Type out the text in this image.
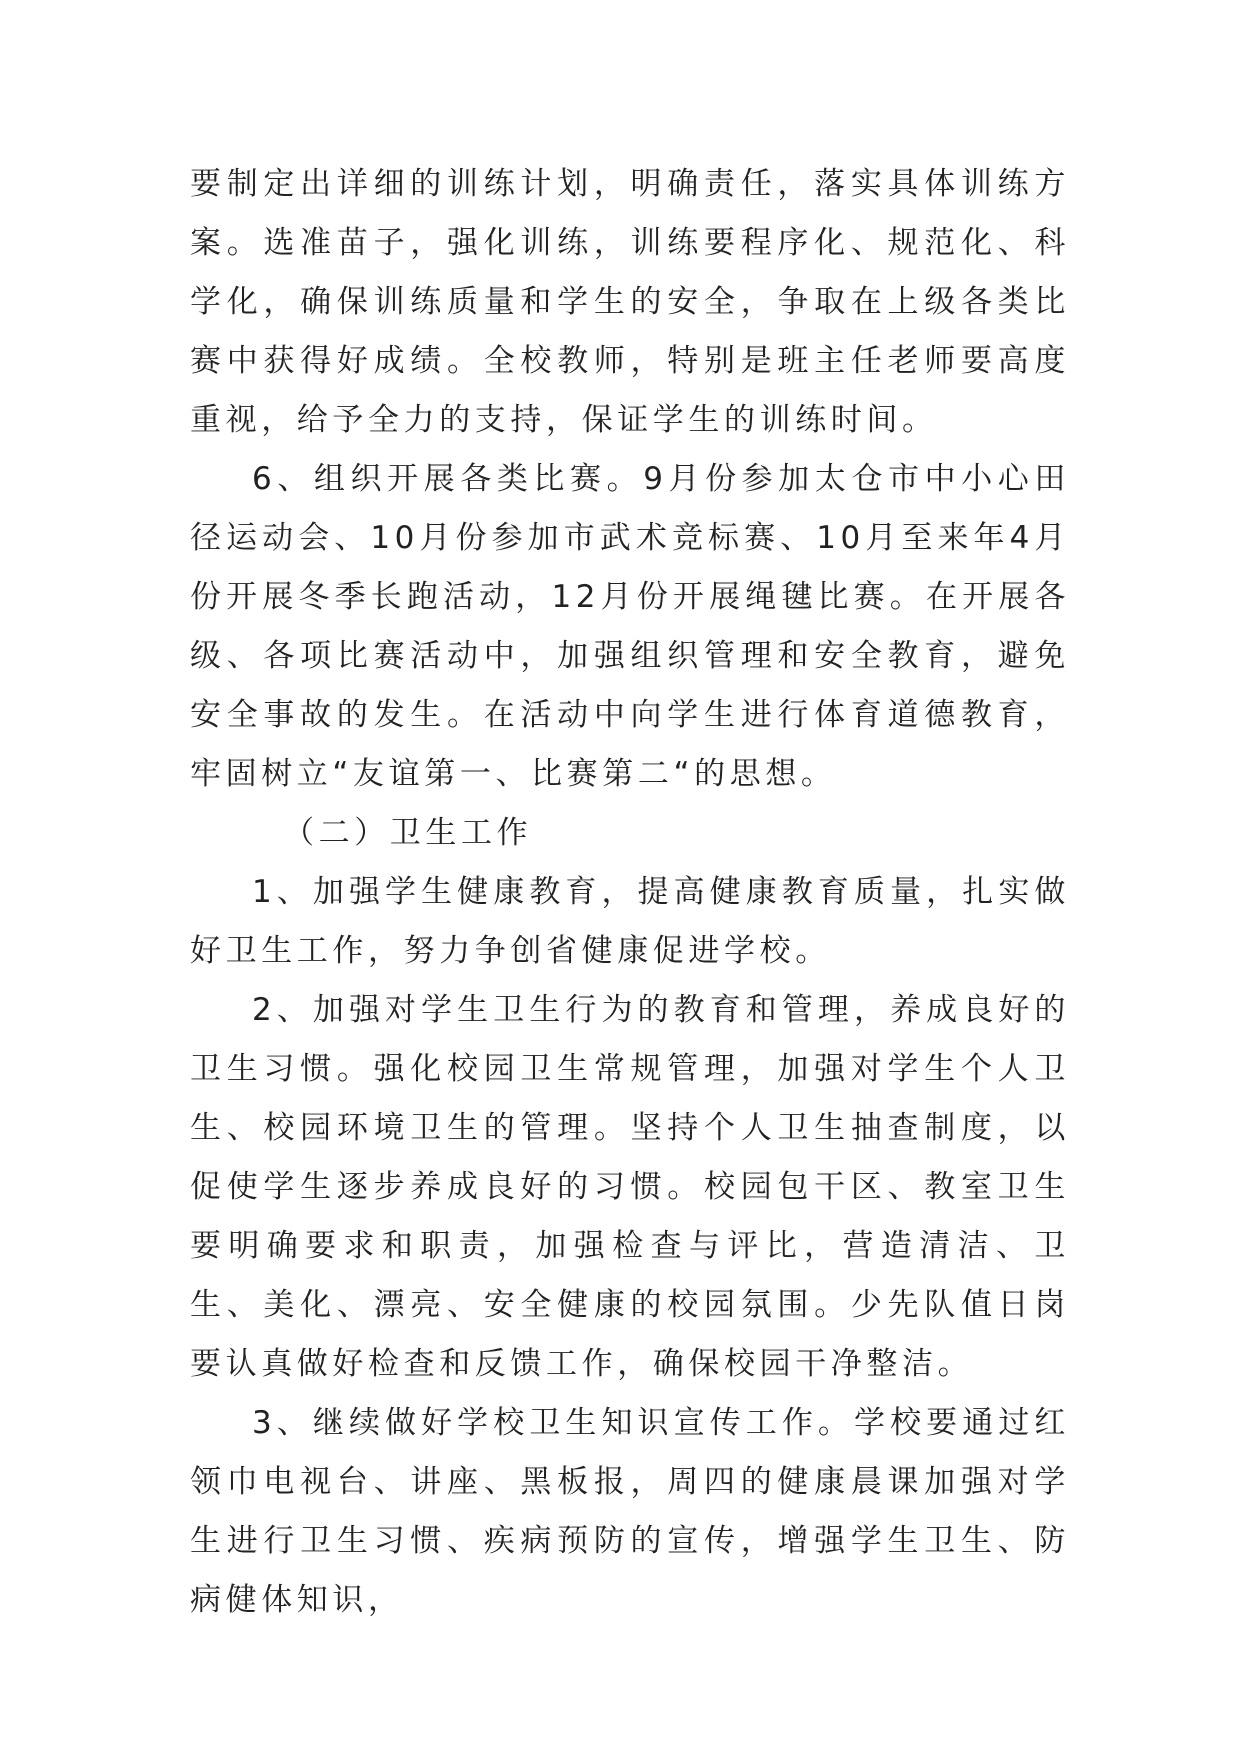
要制定出详细的训练计划，明确责任，落实具体训练方案。选准苗子，强化训练，训练要程序化、规范化、科学化，确保训练质量和学生的安全，争取在上级各类比赛中获得好成绩。全校教师，特别是班主任老师要高度重视，给予全力的支持，保证学生的训练时间。

6、组织开展各类比赛。9月份参加太仓市中小心田径运动会、10月份参加市武术竞标赛、10月至来年4月份开展冬季长跑活动，12月份开展绳毽比赛。在开展各级、各项比赛活动中，加强组织管理和安全教育，避免安全事故的发生。在活动中向学生进行体育道德教育，牢固树立“友谊第一、比赛第二“的思想。

（二）卫生工作

1、加强学生健康教育，提高健康教育质量，扎实做好卫生工作，努力争创省健康促进学校。

2、加强对学生卫生行为的教育和管理，养成良好的卫生习惯。强化校园卫生常规管理，加强对学生个人卫生、校园环境卫生的管理。坚持个人卫生抽查制度，以促使学生逐步养成良好的习惯。校园包干区、教室卫生要明确要求和职责，加强检查与评比，营造清洁、卫生、美化、漂亮、安全健康的校园氛围。少先队值日岗要认真做好检查和反馈工作，确保校园干净整洁。

3、继续做好学校卫生知识宣传工作。学校要通过红领巾电视台、讲座、黑板报，周四的健康晨课加强对学生进行卫生习惯、疾病预防的宣传，增强学生卫生、防病健体知识，
